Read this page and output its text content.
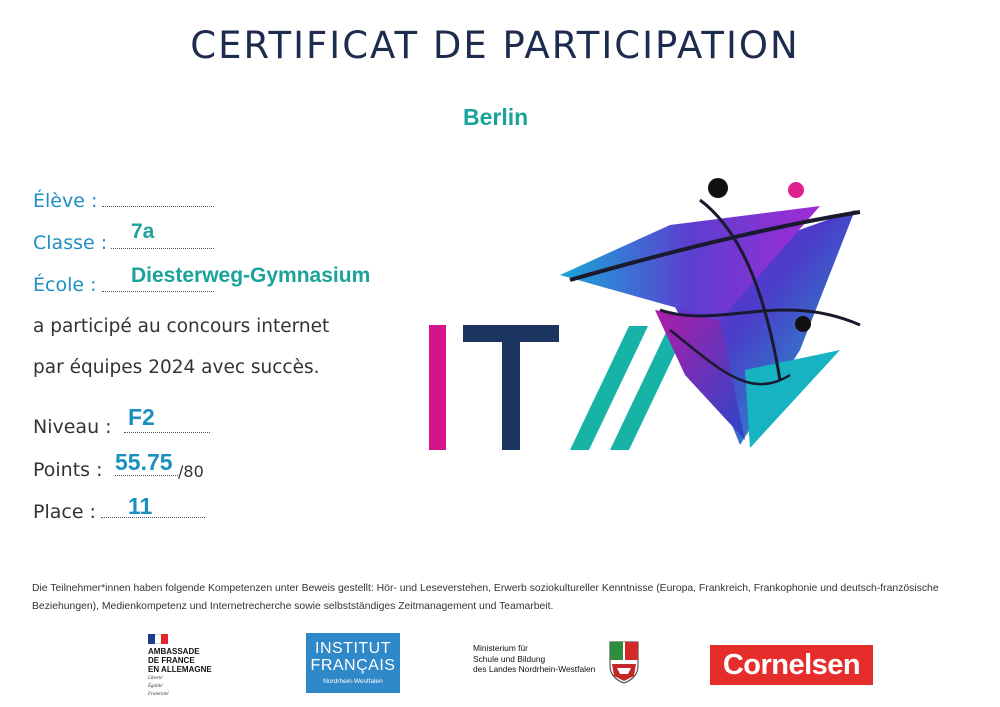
CERTIFICAT DE PARTICIPATION
Berlin
Élève :
Classe : 7a
École : Diesterweg-Gymnasium
a participé au concours internet
par équipes 2024 avec succès.
Niveau : F2
Points : 55.75 /80
Place : 11
Die Teilnehmer*innen haben folgende Kompetenzen unter Beweis gestellt: Hör- und Leseverstehen, Erwerb soziokultureller Kenntnisse (Europa, Frankreich, Frankophonie und deutsch-französische Beziehungen), Medienkompetenz und Internetrecherche sowie selbstständiges Zeitmanagement und Teamarbeit.
AMBASSADE
DE FRANCE
EN ALLEMAGNE
Liberté
Égalité
Fraternité
INSTITUT
FRANÇAIS
Nordrhein-Westfalen
Ministerium für
Schule und Bildung
des Landes Nordrhein-Westfalen	Cornelsen
